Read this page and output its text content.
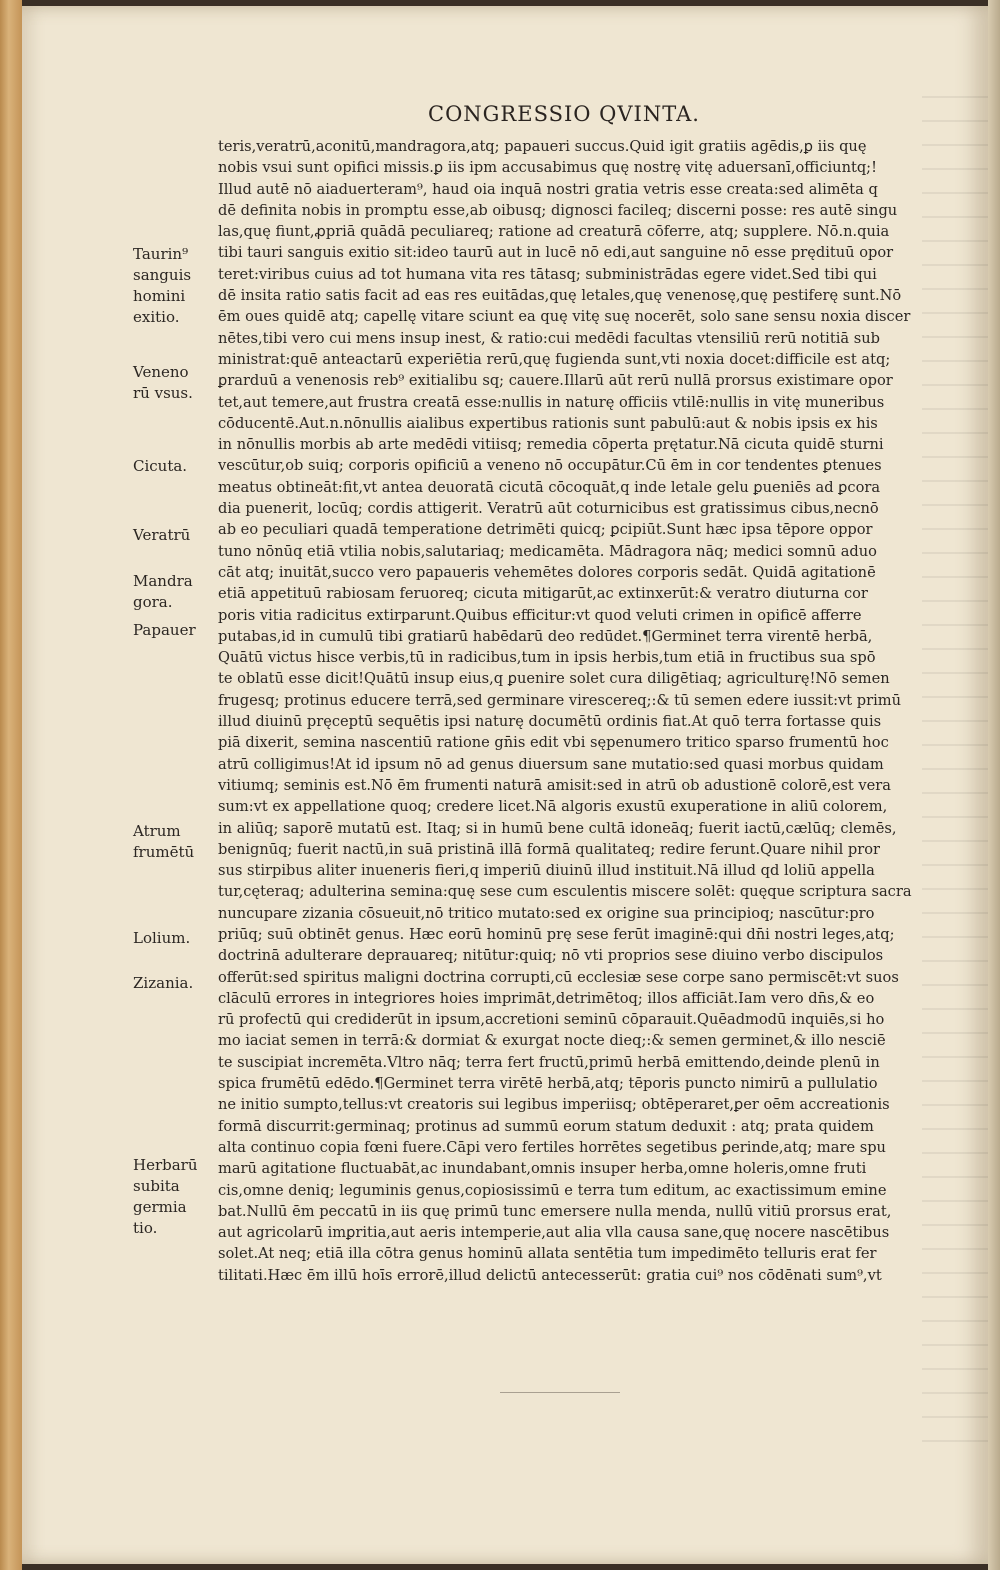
CONGRESSIO QVINTA.
teris,veratrū,aconitū,mandragora,atq; papaueri succus.Quid igit gratiis agēdis,ꝑ iis quę
nobis vsui sunt opifici missis.ꝑ iis ipm accusabimus quę nostrę vitę aduersanī,officiuntq;!
Illud autē nō aiaduerteram⁹, haud oia inquā nostri gratia vetris esse creata:sed alimēta q
dē definita nobis in promptu esse,ab oibusq; dignosci facileq; discerni posse: res autē singu
las,quę fiunt,ꝓpriā quādā peculiareq; ratione ad creaturā cōferre, atq; supplere. Nō.n.quia
tibi tauri sanguis exitio sit:ideo taurū aut in lucē nō edi,aut sanguine nō esse prędituū opor
teret:viribus cuius ad tot humana vita res tātasq; subministrādas egere videt.Sed tibi qui
dē insita ratio satis facit ad eas res euitādas,quę letales,quę venenosę,quę pestiferę sunt.Nō
ēm oues quidē atq; capellę vitare sciunt ea quę vitę suę nocerēt, solo sane sensu noxia discer
nētes,tibi vero cui mens insup inest, & ratio:cui medēdi facultas vtensiliū rerū notitiā sub
ministrat:quē anteactarū experiētia rerū,quę fugienda sunt,vti noxia docet:difficile est atq;
ꝑrarduū a venenosis reb⁹ exitialibu sq; cauere.Illarū aūt rerū nullā prorsus existimare opor
tet,aut temere,aut frustra creatā esse:nullis in naturę officiis vtilē:nullis in vitę muneribus
cōducentē.Aut.n.nōnullis aialibus expertibus rationis sunt pabulū:aut & nobis ipsis ex his
in nōnullis morbis ab arte medēdi vitiisq; remedia cōperta prętatur.Nā cicuta quidē sturni
vescūtur,ob suiq; corporis opificiū a veneno nō occupātur.Cū ēm in cor tendentes ꝑtenues
meatus obtineāt:fit,vt antea deuoratā cicutā cōcoquāt,q inde letale gelu ꝑueniēs ad ꝑcora
dia puenerit, locūq; cordis attigerit. Veratrū aūt coturnicibus est gratissimus cibus,necnō
ab eo peculiari quadā temperatione detrimēti quicq; ꝑcipiūt.Sunt hæc ipsa tēpore oppor
tuno nōnūq etiā vtilia nobis,salutariaq; medicamēta. Mādragora nāq; medici somnū aduo
cāt atq; inuitāt,succo vero papaueris vehemētes dolores corporis sedāt. Quidā agitationē
etiā appetituū rabiosam feruoreq; cicuta mitigarūt,ac extinxerūt:& veratro diuturna cor
poris vitia radicitus extirparunt.Quibus efficitur:vt quod veluti crimen in opificē afferre
putabas,id in cumulū tibi gratiarū habēdarū deo redūdet.¶Germinet terra virentē herbā,
Quātū victus hisce verbis,tū in radicibus,tum in ipsis herbis,tum etiā in fructibus sua spō
te oblatū esse dicit!Quātū insup eius,q ꝑuenire solet cura diligētiaq; agriculturę!Nō semen
frugesq; protinus educere terrā,sed germinare virescereq;:& tū semen edere iussit:vt primū
illud diuinū pręceptū sequētis ipsi naturę documētū ordinis fiat.At quō terra fortasse quis
piā dixerit, semina nascentiū ratione gn̄is edit vbi sępenumero tritico sparso frumentū hoc
atrū colligimus!At id ipsum nō ad genus diuersum sane mutatio:sed quasi morbus quidam
vitiumq; seminis est.Nō ēm frumenti naturā amisit:sed in atrū ob adustionē colorē,est vera
sum:vt ex appellatione quoq; credere licet.Nā algoris exustū exuperatione in aliū colorem,
in aliūq; saporē mutatū est. Itaq; si in humū bene cultā idoneāq; fuerit iactū,cælūq; clemēs,
benignūq; fuerit nactū,in suā pristinā illā formā qualitateq; redire ferunt.Quare nihil pror
sus stirpibus aliter inueneris fieri,q imperiū diuinū illud instituit.Nā illud qd loliū appella
tur,cęteraq; adulterina semina:quę sese cum esculentis miscere solēt: quęque scriptura sacra
nuncupare zizania cōsueuit,nō tritico mutato:sed ex origine sua principioq; nascūtur:pro
priūq; suū obtinēt genus. Hæc eorū hominū prę sese ferūt imaginē:qui dn̄i nostri leges,atq;
doctrinā adulterare deprauareq; nitūtur:quiq; nō vti proprios sese diuino verbo discipulos
offerūt:sed spiritus maligni doctrina corrupti,cū ecclesiæ sese corpe sano permiscēt:vt suos
clāculū errores in integriores hoies imprimāt,detrimētoq; illos afficiāt.Iam vero dn̄s,& eo
rū profectū qui crediderūt in ipsum,accretioni seminū cōparauit.Quēadmodū inquiēs,si ho
mo iaciat semen in terrā:& dormiat & exurgat nocte dieq;:& semen germinet,& illo nesciē
te suscipiat incremēta.Vltro nāq; terra fert fructū,primū herbā emittendo,deinde plenū in
spica frumētū edēdo.¶Germinet terra virētē herbā,atq; tēporis puncto nimirū a pullulatio
ne initio sumpto,tellus:vt creatoris sui legibus imperiisq; obtēperaret,ꝑer oēm accreationis
formā discurrit:germinaq; protinus ad summū eorum statum deduxit : atq; prata quidem
alta continuo copia fœni fuere.Cāpi vero fertiles horrētes segetibus ꝑerinde,atq; mare spu
marū agitatione fluctuabāt,ac inundabant,omnis insuper herba,omne holeris,omne fruti
cis,omne deniq; leguminis genus,copiosissimū e terra tum editum, ac exactissimum emine
bat.Nullū ēm peccatū in iis quę primū tunc emersere nulla menda, nullū vitiū prorsus erat,
aut agricolarū imꝑritia,aut aeris intemperie,aut alia vlla causa sane,quę nocere nascētibus
solet.At neq; etiā illa cōtra genus hominū allata sentētia tum impedimēto telluris erat fer
tilitati.Hæc ēm illū hoīs errorē,illud delictū antecesserūt: gratia cui⁹ nos cōdēnati sum⁹,vt
Taurin⁹
sanguis
homini
exitio.
Veneno
rū vsus.
Cicuta.
Veratrū
Mandra
gora.
Papauer
Atrum
frumētū
Lolium.
Zizania.
Herbarū
subita
germia
tio.
